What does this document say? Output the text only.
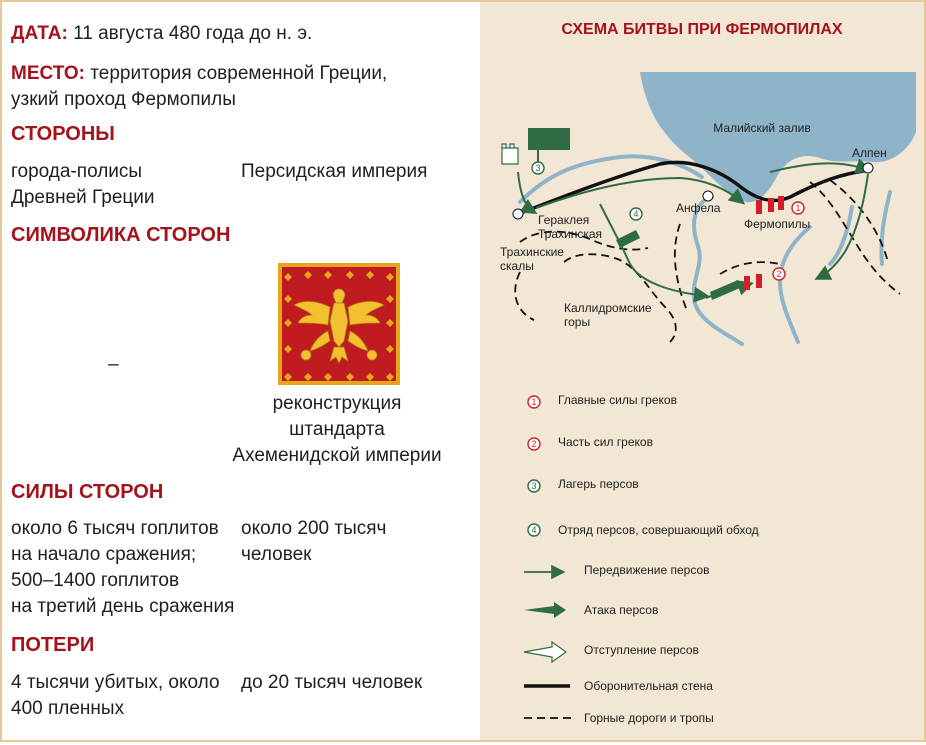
ДАТА: 11 августа 480 года до н. э.
МЕСТО: территория современной Греции,
узкий проход Фермопилы
СТОРОНЫ
города-полисы
Древней Греции
Персидская империя
СИМВОЛИКА СТОРОН
–
реконструкция
штандарта
Ахеменидской империи
СИЛЫ СТОРОН
около 6 тысяч гоплитов
на начало сражения;
500–1400 гоплитов
на третий день сражения
около 200 тысяч
человек
ПОТЕРИ
4 тысячи убитых, около
400 пленных
до 20 тысяч человек
СХЕМА БИТВЫ ПРИ ФЕРМОПИЛАХ
Малийский залив
Алпен
Гераклея
Трахинская
Анфела
Фермопилы
Трахинские
скалы
Каллидромские
горы
3
4
1
2
1 Главные силы греков
2 Часть сил греков
3 Лагерь персов
4 Отряд персов, совершающий обход
Передвижение персов
Атака персов
Отступление персов
Оборонительная стена
Горные дороги и тропы
